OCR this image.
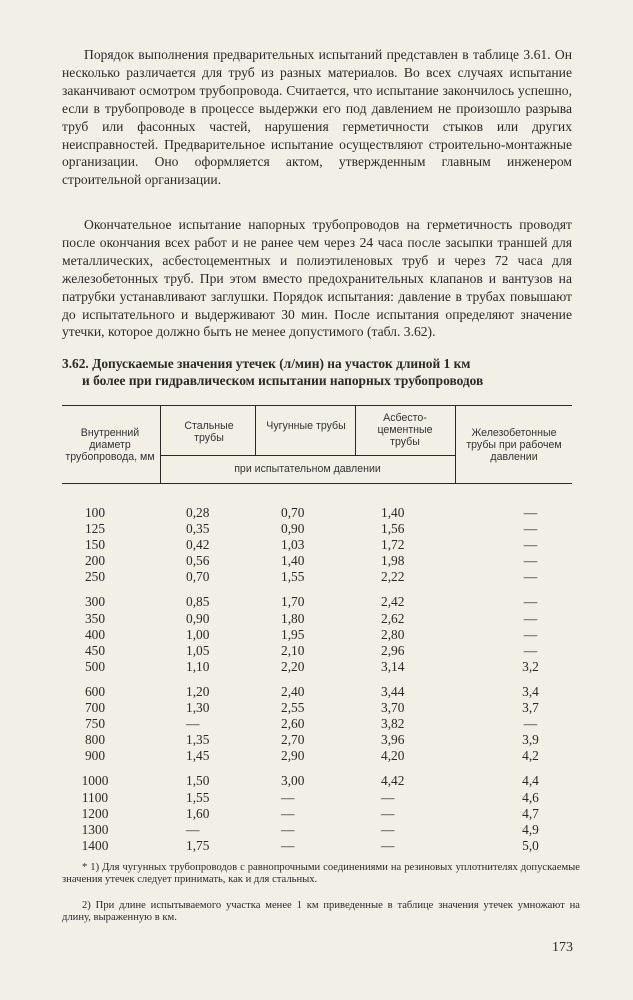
Порядок выполнения предварительных испытаний представлен в таблице 3.61. Он несколько различается для труб из разных материалов. Во всех случаях испытание заканчивают осмотром трубопровода. Считается, что испытание закончилось успешно, если в трубопроводе в процессе выдержки его под давлением не произошло разрыва труб или фасонных частей, нарушения герметичности стыков или других неисправностей. Предварительное испытание осуществляют строительно-монтажные организации. Оно оформляется актом, утвержденным главным инженером строительной организации.

Окончательное испытание напорных трубопроводов на герметичность проводят после окончания всех работ и не ранее чем через 24 часа после засыпки траншей для металлических, асбестоцементных и полиэтиленовых труб и через 72 часа для железобетонных труб. При этом вместо предохранительных клапанов и вантузов на патрубки устанавливают заглушки. Порядок испытания: давление в трубах повышают до испытательного и выдерживают 30 мин. После испытания определяют значение утечки, которое должно быть не менее допустимого (табл. 3.62).

3.62. Допускаемые значения утечек (л/мин) на участок длиной 1 км
и более при гидравлическом испытании напорных трубопроводов
Внутренний диаметр трубопровода, мм
Стальные трубы
Чугунные трубы
Асбесто-цементные трубы
Железобетонные трубы при рабочем давлении
при испытательном давлении
100	0,28	0,70	1,40	—
125	0,35	0,90	1,56	—
150	0,42	1,03	1,72	—
200	0,56	1,40	1,98	—
250	0,70	1,55	2,22	—
300	0,85	1,70	2,42	—
350	0,90	1,80	2,62	—
400	1,00	1,95	2,80	—
450	1,05	2,10	2,96	—
500	1,10	2,20	3,14	3,2
600	1,20	2,40	3,44	3,4
700	1,30	2,55	3,70	3,7
750	—	2,60	3,82	—
800	1,35	2,70	3,96	3,9
900	1,45	2,90	4,20	4,2
1000	1,50	3,00	4,42	4,4
1100	1,55	—	—	4,6
1200	1,60	—	—	4,7
1300	—	—	—	4,9
1400	1,75	—	—	5,0

* 1) Для чугунных трубопроводов с равнопрочными соединениями на резиновых уплотнителях допускаемые значения утечек следует принимать, как и для стальных.

2) При длине испытываемого участка менее 1 км приведенные в таблице значения утечек умножают на длину, выраженную в км.

173
